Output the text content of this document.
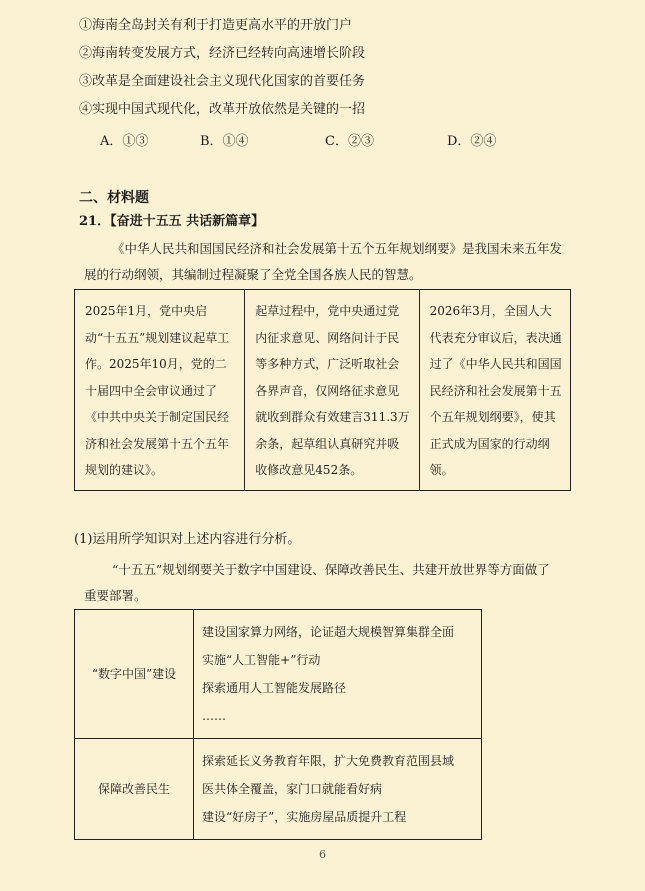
①海南全岛封关有利于打造更高水平的开放门户
②海南转变发展方式，经济已经转向高速增长阶段
③改革是全面建设社会主义现代化国家的首要任务
④实现中国式现代化，改革开放依然是关键的一招
A．①③	B．①④	C．②③	D．②④
二、材料题
21．【奋进十五五 共话新篇章】
《中华人民共和国国民经济和社会发展第十五个五年规划纲要》是我国未来五年发
展的行动纲领，其编制过程凝聚了全党全国各族人民的智慧。
2025年1月，党中央启动“十五五”规划建议起草工作。2025年10月，党的二十届四中全会审议通过了《中共中央关于制定国民经济和社会发展第十五个五年规划的建议》。	起草过程中，党中央通过党内征求意见、网络问计于民等多种方式，广泛听取社会各界声音，仅网络征求意见就收到群众有效建言311.3万余条，起草组认真研究并吸收修改意见452条。	2026年3月，全国人大代表充分审议后，表决通过了《中华人民共和国国民经济和社会发展第十五个五年规划纲要》，使其正式成为国家的行动纲领。
(1)运用所学知识对上述内容进行分析。
“十五五”规划纲要关于数字中国建设、保障改善民生、共建开放世界等方面做了
重要部署。
“数字中国”建设	建设国家算力网络，论证超大规模智算集群全面
实施“人工智能+”行动
探索通用人工智能发展路径
……

保障改善民生	探索延长义务教育年限，扩大免费教育范围县域
医共体全覆盖，家门口就能看好病
建设“好房子”，实施房屋品质提升工程
6
